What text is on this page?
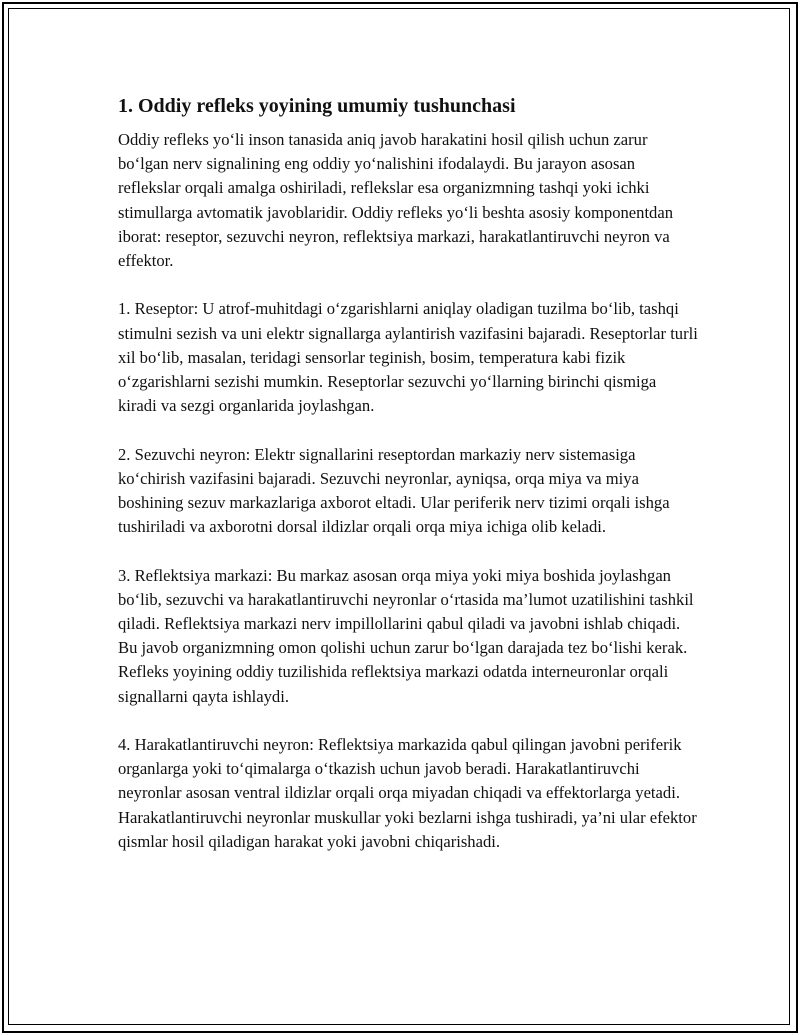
1. Oddiy refleks yoyining umumiy tushunchasi

Oddiy refleks yo‘li inson tanasida aniq javob harakatini hosil qilish uchun zarur bo‘lgan nerv signalining eng oddiy yo‘nalishini ifodalaydi. Bu jarayon asosan reflekslar orqali amalga oshiriladi, reflekslar esa organizmning tashqi yoki ichki stimullarga avtomatik javoblaridir. Oddiy refleks yo‘li beshta asosiy komponentdan iborat: reseptor, sezuvchi neyron, reflektsiya markazi, harakatlantiruvchi neyron va effektor.

1. Reseptor: U atrof-muhitdagi o‘zgarishlarni aniqlay oladigan tuzilma bo‘lib, tashqi stimulni sezish va uni elektr signallarga aylantirish vazifasini bajaradi. Reseptorlar turli xil bo‘lib, masalan, teridagi sensorlar teginish, bosim, temperatura kabi fizik o‘zgarishlarni sezishi mumkin. Reseptorlar sezuvchi yo‘llarning birinchi qismiga kiradi va sezgi organlarida joylashgan.

2. Sezuvchi neyron: Elektr signallarini reseptordan markaziy nerv sistemasiga ko‘chirish vazifasini bajaradi. Sezuvchi neyronlar, ayniqsa, orqa miya va miya boshining sezuv markazlariga axborot eltadi. Ular periferik nerv tizimi orqali ishga tushiriladi va axborotni dorsal ildizlar orqali orqa miya ichiga olib keladi.

3. Reflektsiya markazi: Bu markaz asosan orqa miya yoki miya boshida joylashgan bo‘lib, sezuvchi va harakatlantiruvchi neyronlar o‘rtasida ma’lumot uzatilishini tashkil qiladi. Reflektsiya markazi nerv impillollarini qabul qiladi va javobni ishlab chiqadi. Bu javob organizmning omon qolishi uchun zarur bo‘lgan darajada tez bo‘lishi kerak. Refleks yoyining oddiy tuzilishida reflektsiya markazi odatda interneuronlar orqali signallarni qayta ishlaydi.

4. Harakatlantiruvchi neyron: Reflektsiya markazida qabul qilingan javobni periferik organlarga yoki to‘qimalarga o‘tkazish uchun javob beradi. Harakatlantiruvchi neyronlar asosan ventral ildizlar orqali orqa miyadan chiqadi va effektorlarga yetadi. Harakatlantiruvchi neyronlar muskullar yoki bezlarni ishga tushiradi, ya’ni ular efektor qismlar hosil qiladigan harakat yoki javobni chiqarishadi.
